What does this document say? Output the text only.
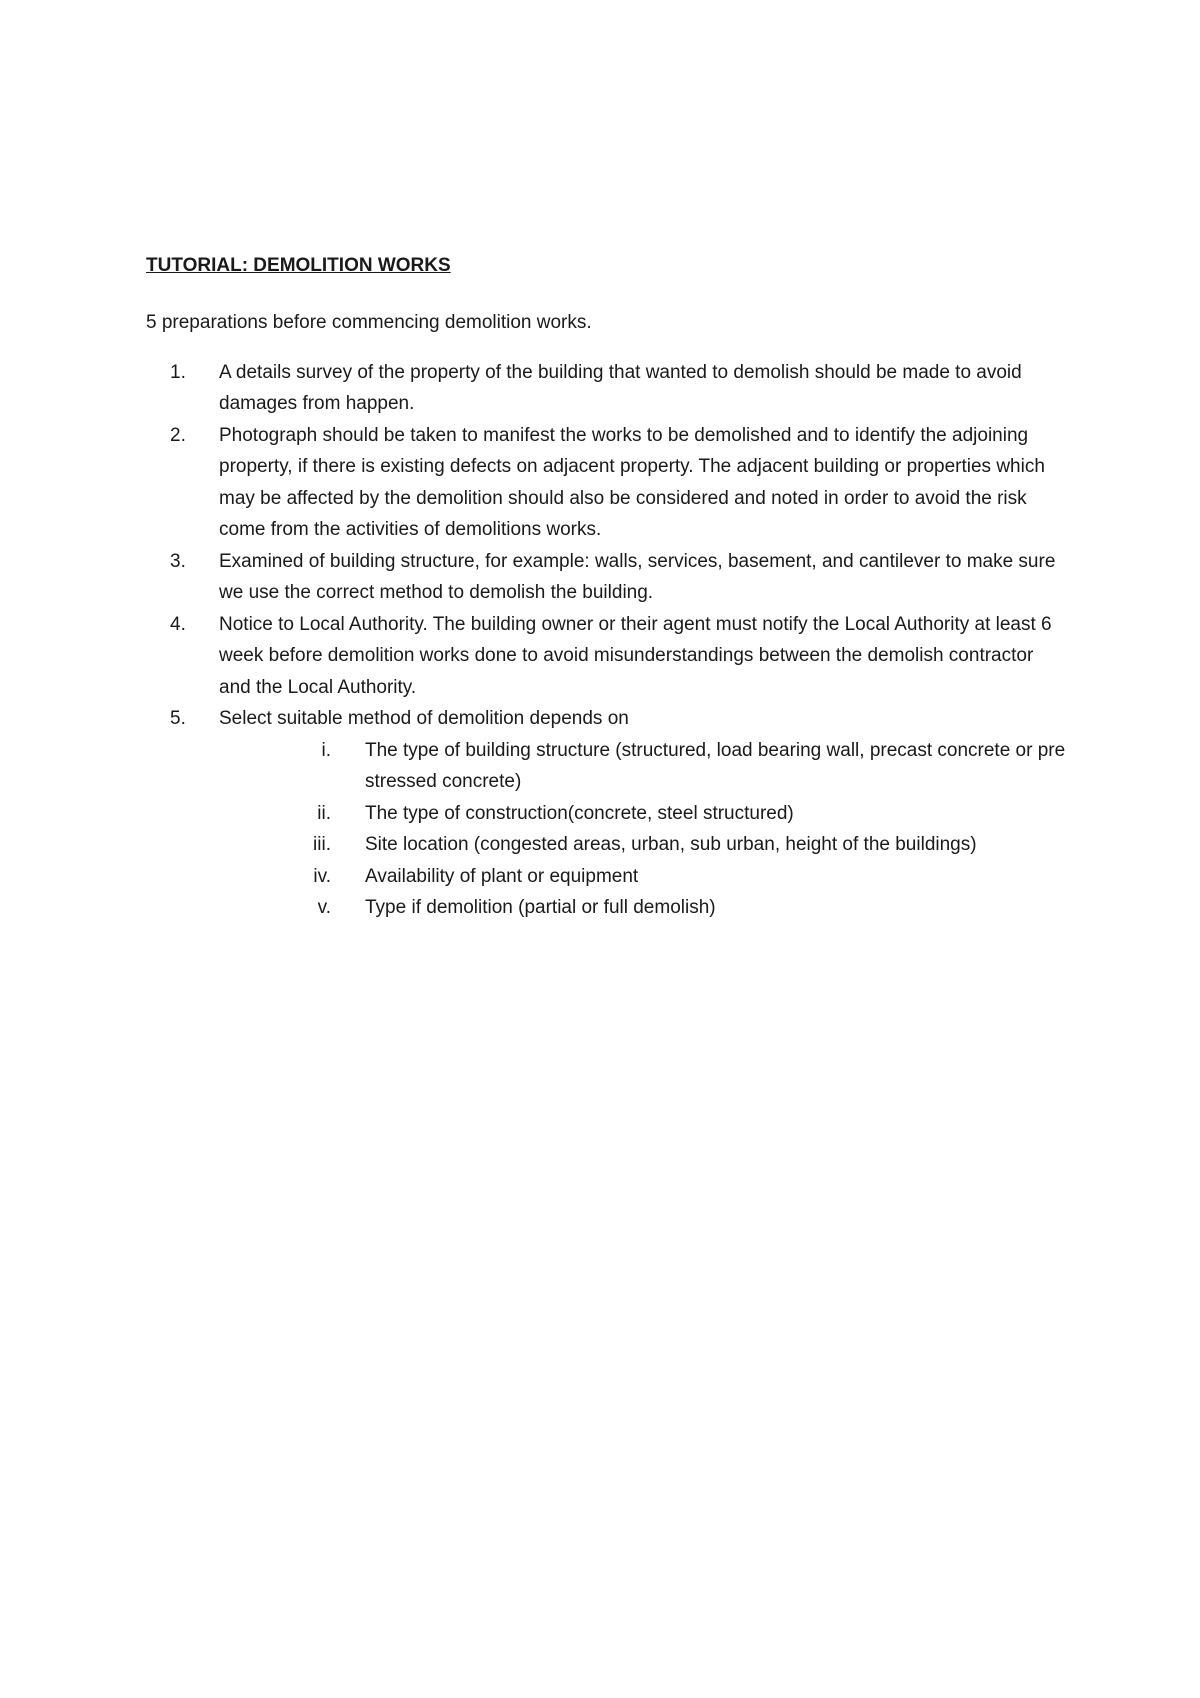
TUTORIAL: DEMOLITION WORKS

5 preparations before commencing demolition works.

1. A details survey of the property of the building that wanted to demolish should be made to avoid damages from happen.
2. Photograph should be taken to manifest the works to be demolished and to identify the adjoining property, if there is existing defects on adjacent property. The adjacent building or properties which may be affected by the demolition should also be considered and noted in order to avoid the risk come from the activities of demolitions works.
3. Examined of building structure, for example: walls, services, basement, and cantilever to make sure we use the correct method to demolish the building.
4. Notice to Local Authority. The building owner or their agent must notify the Local Authority at least 6 week before demolition works done to avoid misunderstandings between the demolish contractor and the Local Authority.
5. Select suitable method of demolition depends on
i. The type of building structure (structured, load bearing wall, precast concrete or pre stressed concrete)
ii. The type of construction(concrete, steel structured)
iii. Site location (congested areas, urban, sub urban, height of the buildings)
iv. Availability of plant or equipment
v. Type if demolition (partial or full demolish)
